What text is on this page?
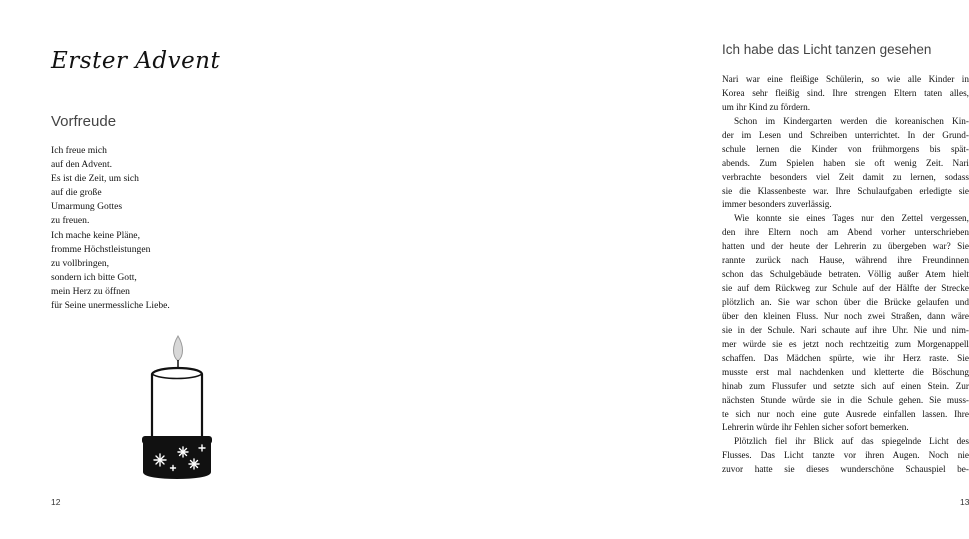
Erster Advent
Vorfreude
Ich freue mich
auf den Advent.
Es ist die Zeit, um sich
auf die große
Umarmung Gottes
zu freuen.
Ich mache keine Pläne,
fromme Höchstleistungen
zu vollbringen,
sondern ich bitte Gott,
mein Herz zu öffnen
für Seine unermessliche Liebe.
12
Ich habe das Licht tanzen gesehen
Nari war eine fleißige Schülerin, so wie alle Kinder in
Korea sehr fleißig sind. Ihre strengen Eltern taten alles,
um ihr Kind zu fördern.
Schon im Kindergarten werden die koreanischen Kin-
der im Lesen und Schreiben unterrichtet. In der Grund-
schule lernen die Kinder von frühmorgens bis spät-
abends. Zum Spielen haben sie oft wenig Zeit. Nari
verbrachte besonders viel Zeit damit zu lernen, sodass
sie die Klassenbeste war. Ihre Schulaufgaben erledigte sie
immer besonders zuverlässig.
Wie konnte sie eines Tages nur den Zettel vergessen,
den ihre Eltern noch am Abend vorher unterschrieben
hatten und der heute der Lehrerin zu übergeben war? Sie
rannte zurück nach Hause, während ihre Freundinnen
schon das Schulgebäude betraten. Völlig außer Atem hielt
sie auf dem Rückweg zur Schule auf der Hälfte der Strecke
plötzlich an. Sie war schon über die Brücke gelaufen und
über den kleinen Fluss. Nur noch zwei Straßen, dann wäre
sie in der Schule. Nari schaute auf ihre Uhr. Nie und nim-
mer würde sie es jetzt noch rechtzeitig zum Morgenappell
schaffen. Das Mädchen spürte, wie ihr Herz raste. Sie
musste erst mal nachdenken und kletterte die Böschung
hinab zum Flussufer und setzte sich auf einen Stein. Zur
nächsten Stunde würde sie in die Schule gehen. Sie muss-
te sich nur noch eine gute Ausrede einfallen lassen. Ihre
Lehrerin würde ihr Fehlen sicher sofort bemerken.
Plötzlich fiel ihr Blick auf das spiegelnde Licht des
Flusses. Das Licht tanzte vor ihren Augen. Noch nie
zuvor hatte sie dieses wunderschöne Schauspiel be-
13
